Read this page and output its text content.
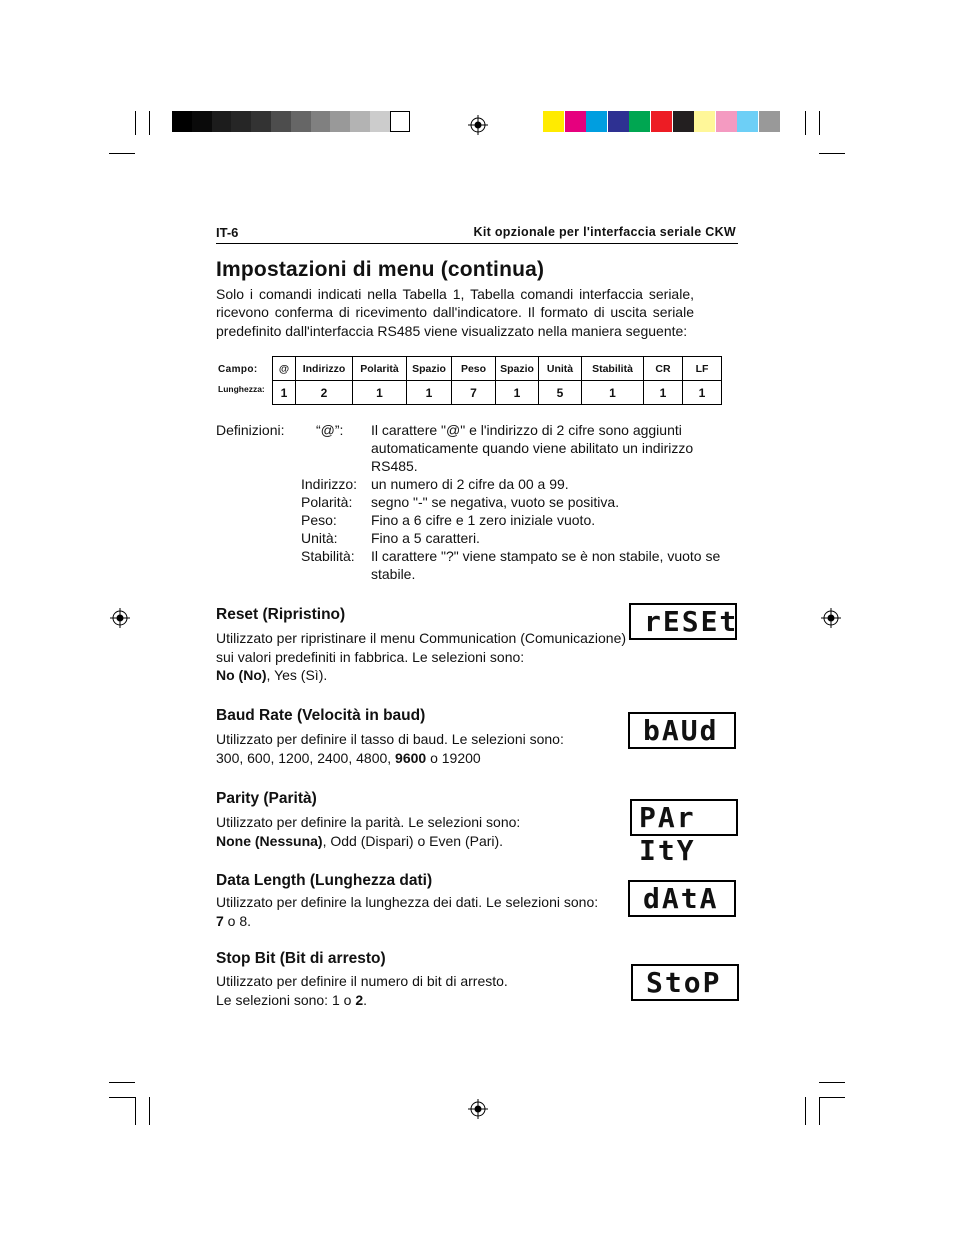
IT-6	Kit opzionale per l'interfaccia seriale CKW
Impostazioni di menu (continua)
Solo i comandi indicati nella Tabella 1, Tabella comandi interfaccia seriale, ricevono conferma di ricevimento dall'indicatore. Il formato di uscita seriale predefinito dall'interfaccia RS485 viene visualizzato nella maniera seguente:
Campo:
Lunghezza:
@	Indirizzo	Polarità	Spazio	Peso	Spazio	Unità	Stabilità	CR	LF
1	2	1	1	7	1	5	1	1	1
Definizioni: “@”: Il carattere "@" e l'indirizzo di 2 cifre sono aggiunti
automaticamente quando viene abilitato un indirizzo
RS485.
Indirizzo: un numero di 2 cifre da 00 a 99.
Polarità: segno "-" se negativa, vuoto se positiva.
Peso: Fino a 6 cifre e 1 zero iniziale vuoto.
Unità: Fino a 5 caratteri.
Stabilità: Il carattere "?" viene stampato se è non stabile, vuoto se
stabile.
Reset (Ripristino)
Utilizzato per ripristinare il menu Communication (Comunicazione)
sui valori predefiniti in fabbrica. Le selezioni sono:
No (No), Yes (Sì).
rESEt
Baud Rate (Velocità in baud)
Utilizzato per definire il tasso di baud. Le selezioni sono:
300, 600, 1200, 2400, 4800, 9600 o 19200
bAUd
Parity (Parità)
Utilizzato per definire la parità. Le selezioni sono:
None (Nessuna), Odd (Dispari) o Even (Pari).
PAr ItY
Data Length (Lunghezza dati)
Utilizzato per definire la lunghezza dei dati. Le selezioni sono:
7 o 8.
dAtA
Stop Bit (Bit di arresto)
Utilizzato per definire il numero di bit di arresto.
Le selezioni sono: 1 o 2.
StoP
